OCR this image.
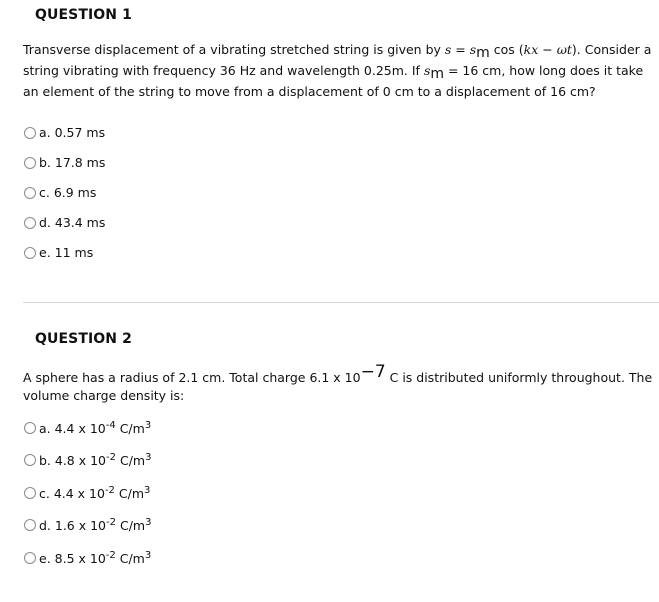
QUESTION 1
Transverse displacement of a vibrating stretched string is given by $s = s_m$ cos (kx − ωt). Consider a string vibrating with frequency 36 Hz and wavelength 0.25m. If $s_m = 16$ cm, how long does it take an element of the string to move from a displacement of 0 cm to a displacement of 16 cm?
a. 0.57 ms
b. 17.8 ms
c. 6.9 ms
d. 43.4 ms
e. 11 ms
QUESTION 2
A sphere has a radius of 2.1 cm. Total charge 6.1 x $10^{-7}$ C is distributed uniformly throughout. The volume charge density is:
a. 4.4 x $10^{-4}$ $C/m^3$
b. 4.8 x $10^{-2}$ $C/m^3$
c. 4.4 x $10^{-2}$ $C/m^3$
d. 1.6 x $10^{-2}$ $C/m^3$
e. 8.5 x $10^{-2}$ $C/m^3$
